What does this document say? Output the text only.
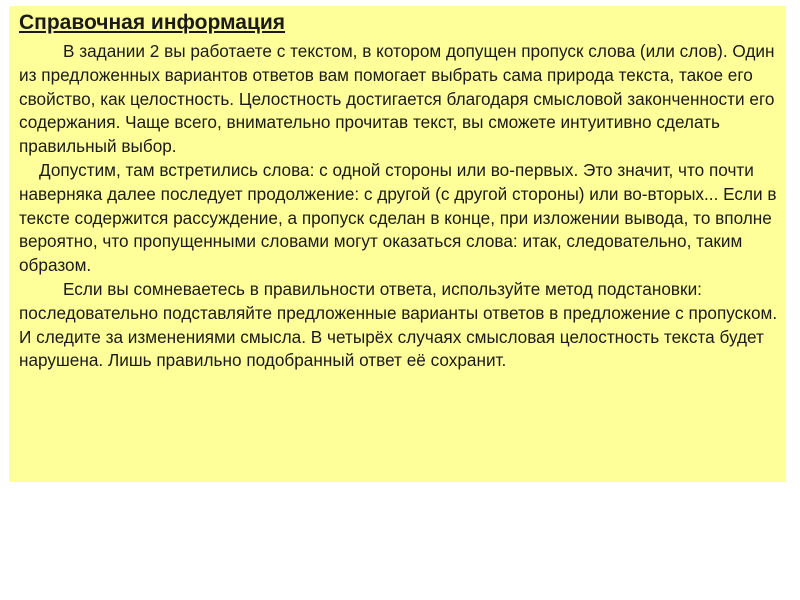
Справочная информация

В задании 2 вы работаете с текстом, в котором допущен пропуск слова (или слов). Один из предложенных вариантов ответов вам помогает выбрать сама природа текста, такое его свойство, как целостность. Целостность достигается благодаря смысловой законченности его содержания. Чаще всего, внимательно прочитав текст, вы сможете интуитивно сделать правильный выбор.

Допустим, там встретились слова: с одной стороны или во-первых. Это значит, что почти наверняка далее последует продолжение: с другой (с другой стороны) или во-вторых... Если в тексте содержится рассуждение, а пропуск сделан в конце, при изложении вывода, то вполне вероятно, что пропущенными словами могут оказаться слова: итак, следовательно, таким образом.

Если вы сомневаетесь в правильности ответа, используйте метод подстановки: последовательно подставляйте предложенные варианты ответов в предложение с пропуском. И следите за изменениями смысла. В четырёх случаях смысловая целостность текста будет нарушена. Лишь правильно подобранный ответ её сохранит.
